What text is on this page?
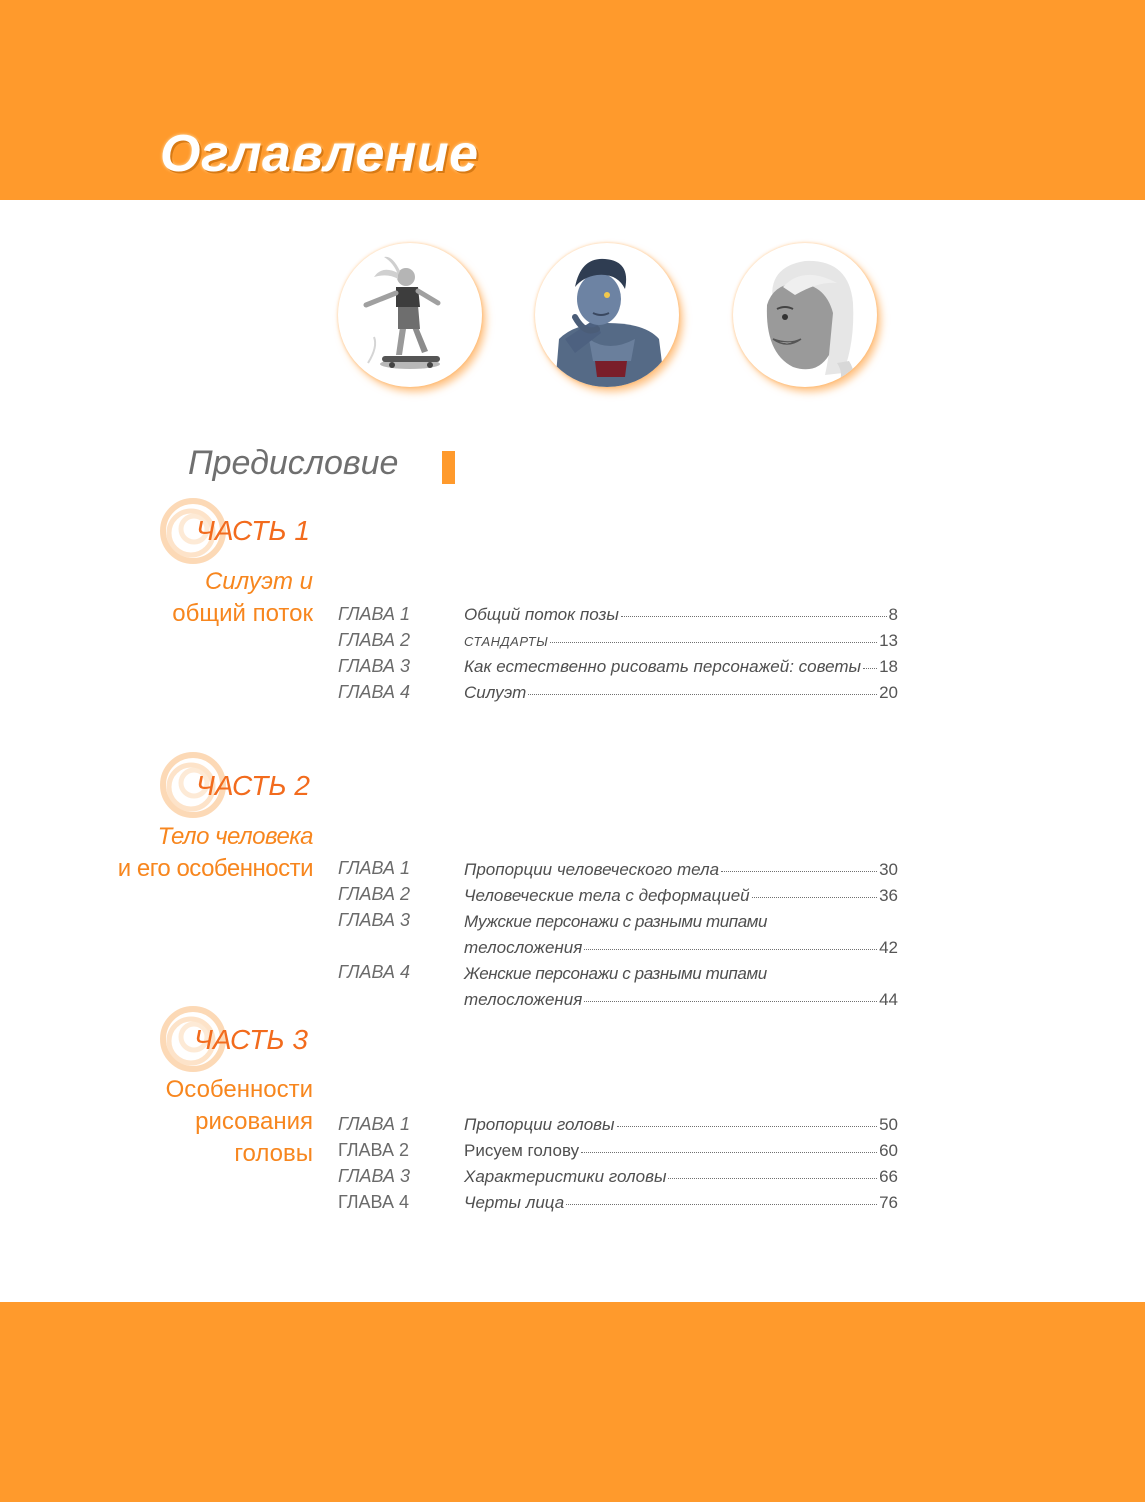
Оглавление
Предисловие
ЧАСТЬ 1
Силуэт и
общий поток ГЛАВА 1	Общий поток позы	8
ГЛАВА 2	СТАНДАРТЫ	13
ГЛАВА 3	Как естественно рисовать персонажей: советы 18
ГЛАВА 4	Силуэт	20
ЧАСТЬ 2
Тело человека
и его особенности ГЛАВА 1	Пропорции человеческого тела	30
ГЛАВА 2	Человеческие тела с деформацией	36
ГЛАВА 3	Мужские персонажи с разными типами
телосложения	42
ГЛАВА 4	Женские персонажи с разными типами
телосложения	44
ЧАСТЬ 3
Особенности
рисования
головы
ГЛАВА 1	Пропорции головы	50
ГЛАВА 2	Рисуем голову	60
ГЛАВА 3	Характеристики головы	66
ГЛАВА 4	Черты лица	76
